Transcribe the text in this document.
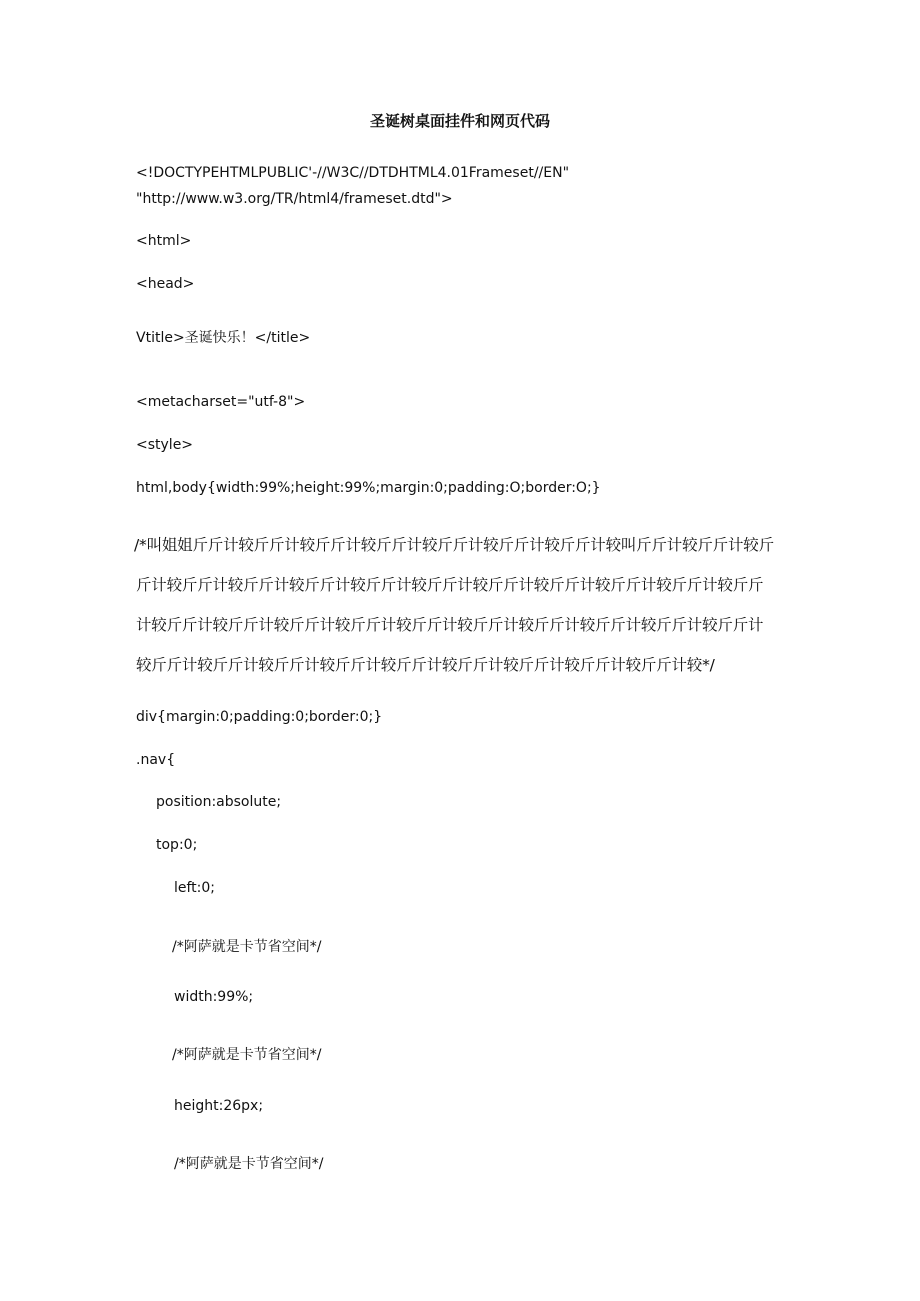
圣诞树桌面挂件和网页代码
<!DOCTYPEHTMLPUBLIC'-//W3C//DTDHTML4.01Frameset//EN"
"http://www.w3.org/TR/html4/frameset.dtd">
<html>
<head>
Vtitle>圣诞快乐！</title>
<metacharset="utf-8">
<style>
html,body{width:99%;height:99%;margin:0;padding:O;border:O;}
/*叫姐姐斤斤计较斤斤计较斤斤计较斤斤计较斤斤计较斤斤计较斤斤计较叫斤斤计较斤斤计较斤
斤计较斤斤计较斤斤计较斤斤计较斤斤计较斤斤计较斤斤计较斤斤计较斤斤计较斤斤计较斤斤
计较斤斤计较斤斤计较斤斤计较斤斤计较斤斤计较斤斤计较斤斤计较斤斤计较斤斤计较斤斤计
较斤斤计较斤斤计较斤斤计较斤斤计较斤斤计较斤斤计较斤斤计较斤斤计较斤斤计较*/
div{margin:0;padding:0;border:0;}
.nav{
position:absolute;
top:0;
left:0;
/*阿萨就是卡节省空间*/
width:99%;
/*阿萨就是卡节省空间*/
height:26px;
/*阿萨就是卡节省空间*/
